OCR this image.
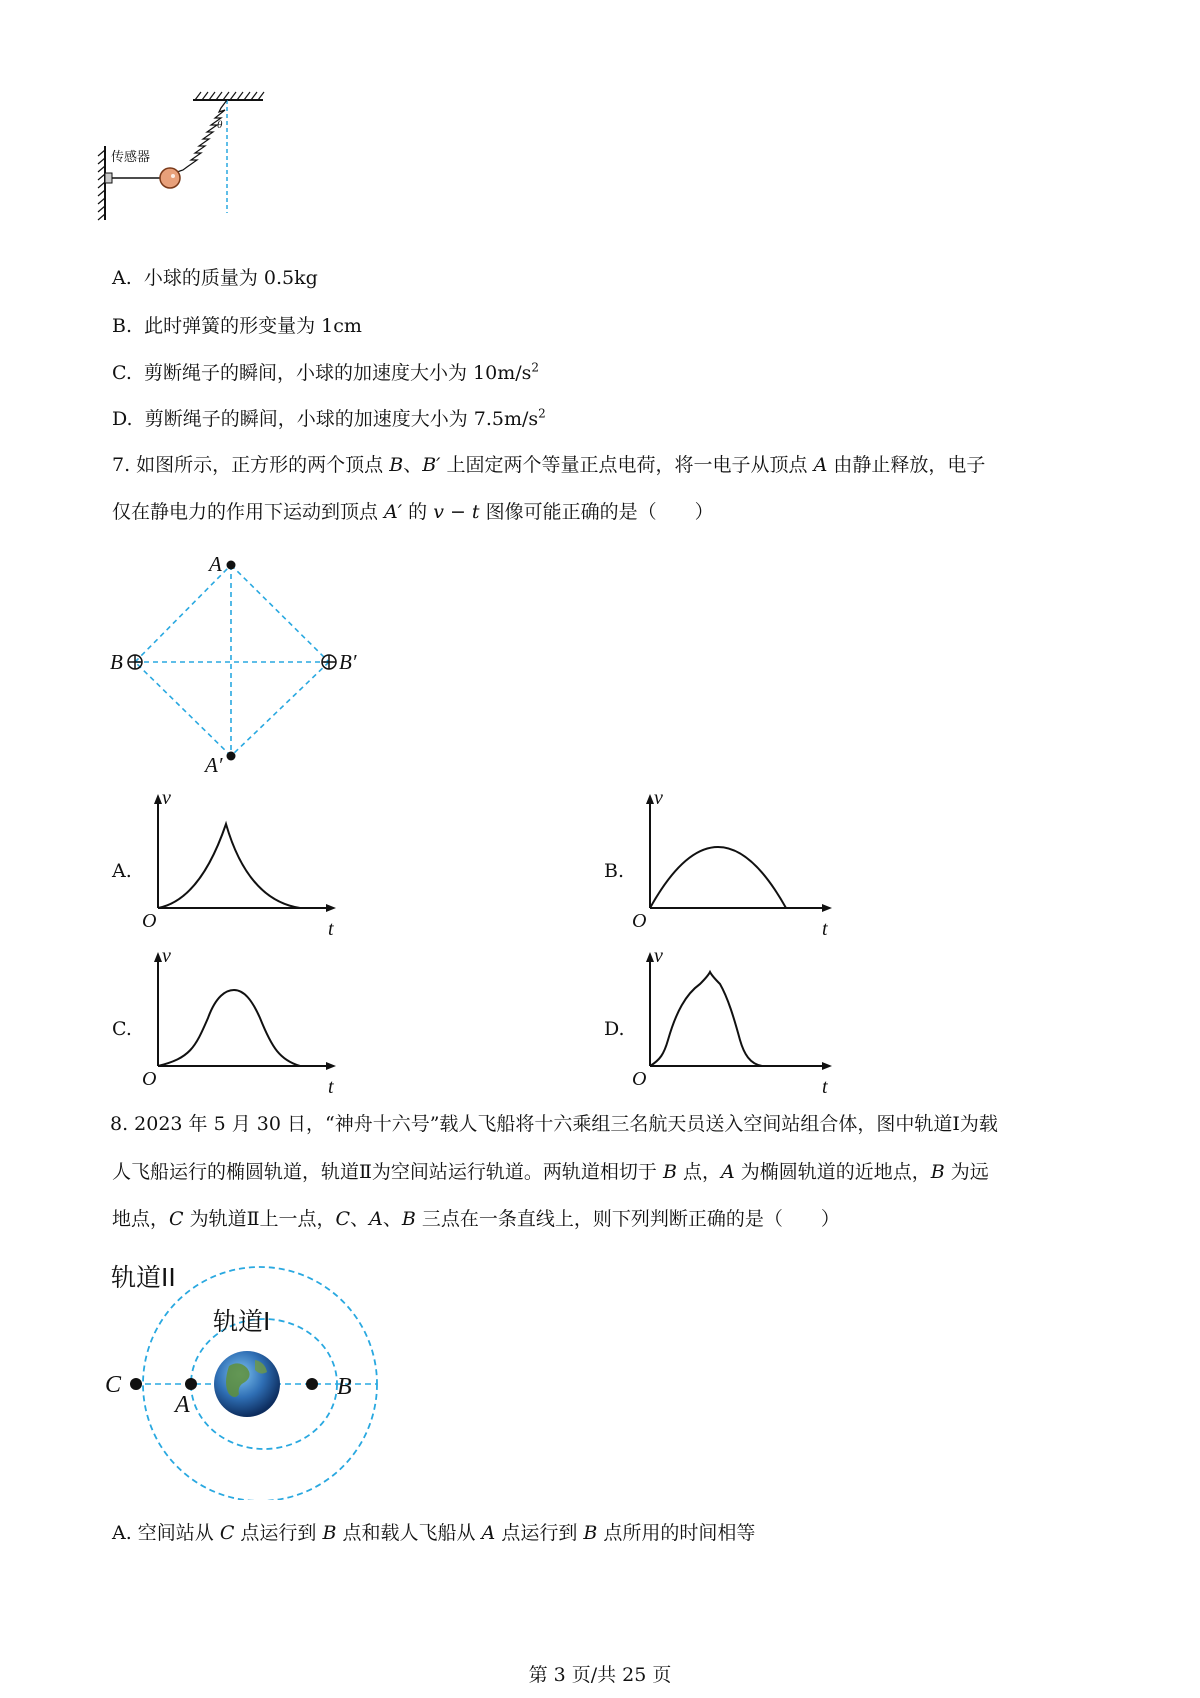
传感器
θ
A. 小球的质量为 0.5kg
B. 此时弹簧的形变量为 1cm
C. 剪断绳子的瞬间，小球的加速度大小为 $10m/s^2$
D. 剪断绳子的瞬间，小球的加速度大小为 $7.5m/s^2$
7. 如图所示，正方形的两个顶点 B、B′ 上固定两个等量正点电荷，将一电子从顶点 A 由静止释放，电子
仅在静电力的作用下运动到顶点 A′ 的 v − t 图像可能正确的是（　　）
A
B	B′
A′
A.
v
O	t
B.
v
O	t
C.
v
O	t
D.
v
O	t
8. 2023 年 5 月 30 日，“神舟十六号”载人飞船将十六乘组三名航天员送入空间站组合体，图中轨道Ⅰ为载
人飞船运行的椭圆轨道，轨道Ⅱ为空间站运行轨道。两轨道相切于 B 点，A 为椭圆轨道的近地点，B 为远
地点，C 为轨道Ⅱ上一点，C、A、B 三点在一条直线上，则下列判断正确的是（　　）
轨道II
轨道I
C
A
B
A. 空间站从 C 点运行到 B 点和载人飞船从 A 点运行到 B 点所用的时间相等
第 3 页/共 25 页
